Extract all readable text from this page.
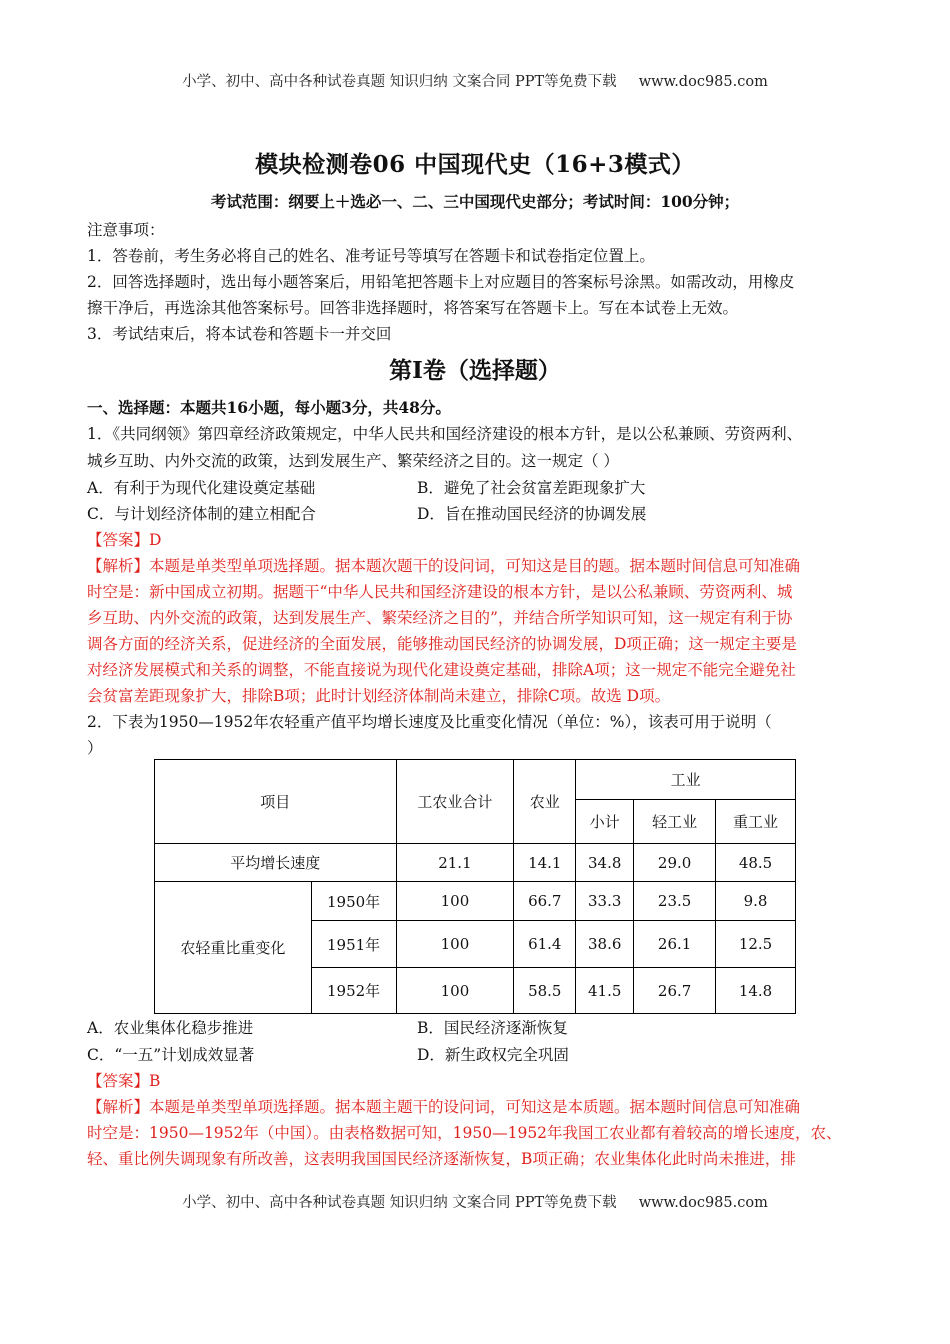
小学、初中、高中各种试卷真题 知识归纳 文案合同 PPT等免费下载 www.doc985.com
模块检测卷06 中国现代史（16+3模式）
考试范围：纲要上＋选必一、二、三中国现代史部分；考试时间：100分钟；
注意事项：
1．答卷前，考生务必将自己的姓名、准考证号等填写在答题卡和试卷指定位置上。
2．回答选择题时，选出每小题答案后，用铅笔把答题卡上对应题目的答案标号涂黑。如需改动，用橡皮
擦干净后，再选涂其他答案标号。回答非选择题时，将答案写在答题卡上。写在本试卷上无效。
3．考试结束后，将本试卷和答题卡一并交回
第I卷（选择题）
一、选择题：本题共16小题，每小题3分，共48分。
1．《共同纲领》第四章经济政策规定，中华人民共和国经济建设的根本方针，是以公私兼顾、劳资两利、
城乡互助、内外交流的政策，达到发展生产、繁荣经济之目的。这一规定（ ）
A．有利于为现代化建设奠定基础	B．避免了社会贫富差距现象扩大
C．与计划经济体制的建立相配合	D．旨在推动国民经济的协调发展
【答案】D
【解析】本题是单类型单项选择题。据本题次题干的设问词，可知这是目的题。据本题时间信息可知准确
时空是：新中国成立初期。据题干“中华人民共和国经济建设的根本方针，是以公私兼顾、劳资两利、城
乡互助、内外交流的政策，达到发展生产、繁荣经济之目的”，并结合所学知识可知，这一规定有利于协
调各方面的经济关系，促进经济的全面发展，能够推动国民经济的协调发展，D项正确；这一规定主要是
对经济发展模式和关系的调整，不能直接说为现代化建设奠定基础，排除A项；这一规定不能完全避免社
会贫富差距现象扩大，排除B项；此时计划经济体制尚未建立，排除C项。故选 D项。
2．下表为1950—1952年农轻重产值平均增长速度及比重变化情况（单位：%），该表可用于说明（
）
项目		工农业合计	农业	工业		
				小计	轻工业	重工业
平均增长速度		21.1	14.1	34.8	29.0	48.5
农轻重比重变化	1950年	100	66.7	33.3	23.5	9.8
	1951年	100	61.4	38.6	26.1	12.5
	1952年	100	58.5	41.5	26.7	14.8
A．农业集体化稳步推进	B．国民经济逐渐恢复
C．“一五”计划成效显著	D．新生政权完全巩固
【答案】B
【解析】本题是单类型单项选择题。据本题主题干的设问词，可知这是本质题。据本题时间信息可知准确
时空是：1950—1952年（中国）。由表格数据可知，1950—1952年我国工农业都有着较高的增长速度，农、
轻、重比例失调现象有所改善，这表明我国国民经济逐渐恢复，B项正确；农业集体化此时尚未推进，排
小学、初中、高中各种试卷真题 知识归纳 文案合同 PPT等免费下载 www.doc985.com
